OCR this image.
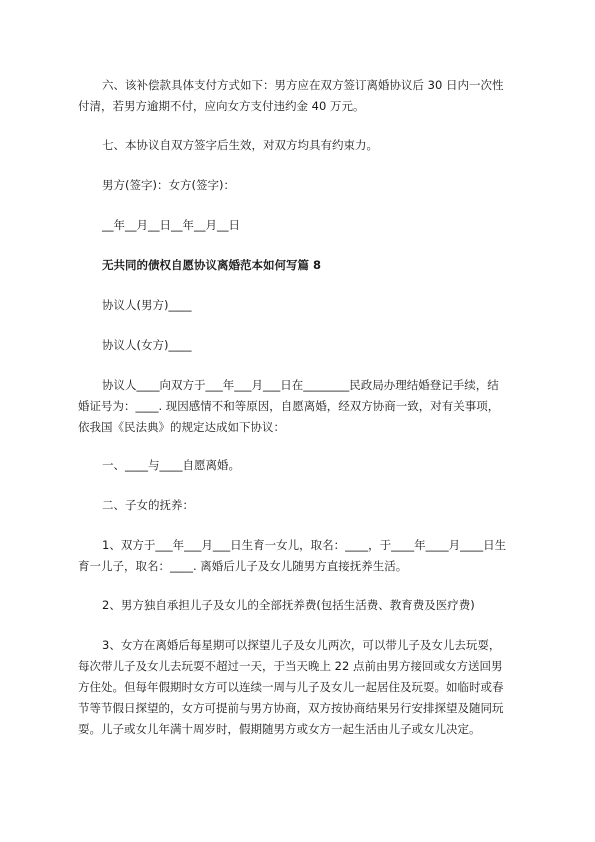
六、该补偿款具体支付方式如下：男方应在双方签订离婚协议后 30 日内一次性
付清，若男方逾期不付，应向女方支付违约金 40 万元。
七、本协议自双方签字后生效，对双方均具有约束力。
男方(签字)：女方(签字)：
__年__月__日__年__月__日
无共同的债权自愿协议离婚范本如何写篇 8
协议人(男方)____
协议人(女方)____
协议人____向双方于___年___月___日在________民政局办理结婚登记手续，结
婚证号为：____. 现因感情不和等原因，自愿离婚，经双方协商一致，对有关事项，
依我国《民法典》的规定达成如下协议：
一、____与____自愿离婚。
二、子女的抚养：
1、双方于___年___月___日生育一女儿，取名：____，于____年____月____日生
育一儿子，取名：____. 离婚后儿子及女儿随男方直接抚养生活。
2、男方独自承担儿子及女儿的全部抚养费(包括生活费、教育费及医疗费)
3、女方在离婚后每星期可以探望儿子及女儿两次，可以带儿子及女儿去玩耍，
每次带儿子及女儿去玩耍不超过一天，于当天晚上 22 点前由男方接回或女方送回男
方住处。但每年假期时女方可以连续一周与儿子及女儿一起居住及玩耍。如临时或春
节等节假日探望的，女方可提前与男方协商，双方按协商结果另行安排探望及随同玩
耍。儿子或女儿年满十周岁时，假期随男方或女方一起生活由儿子或女儿决定。
